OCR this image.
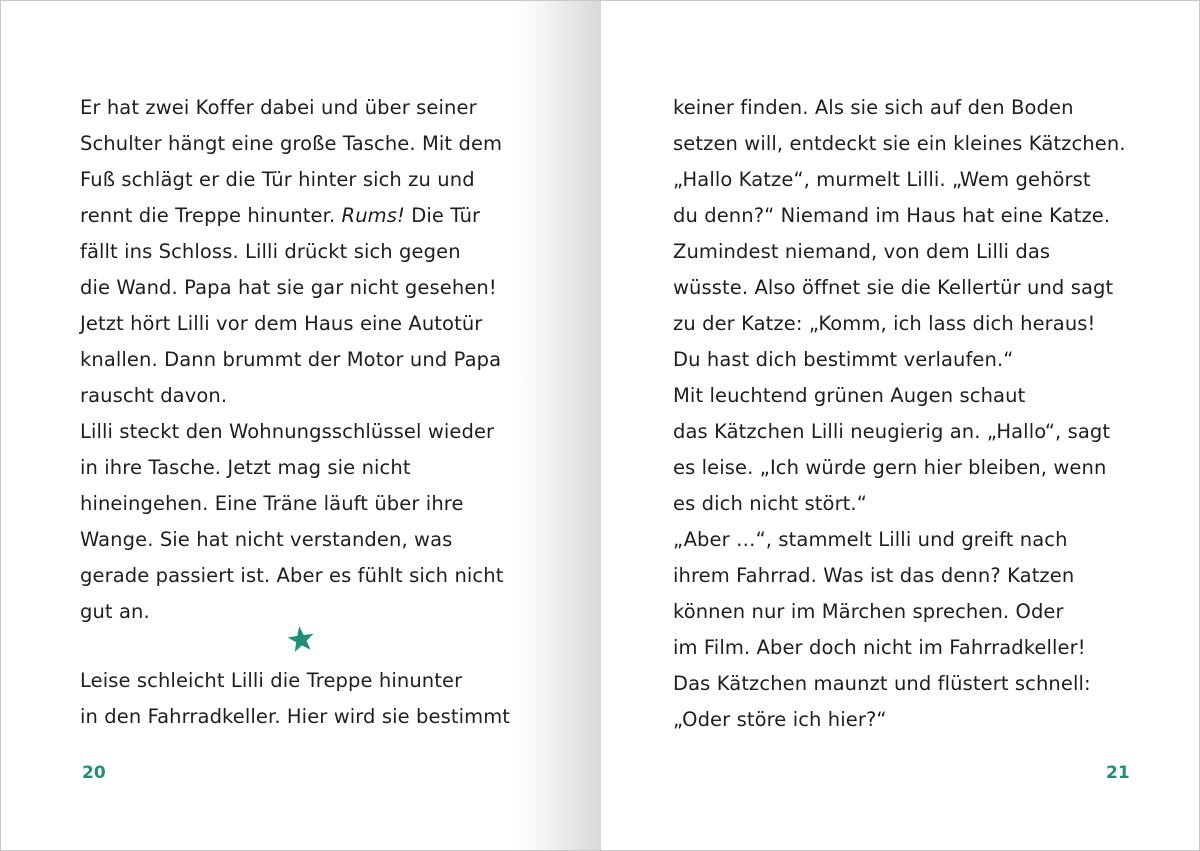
Er hat zwei Koffer dabei und über seiner
Schulter hängt eine große Tasche. Mit dem
Fuß schlägt er die Tür hinter sich zu und
rennt die Treppe hinunter. Rums! Die Tür
fällt ins Schloss. Lilli drückt sich gegen
die Wand. Papa hat sie gar nicht gesehen!
Jetzt hört Lilli vor dem Haus eine Autotür
knallen. Dann brummt der Motor und Papa
rauscht davon.
Lilli steckt den Wohnungsschlüssel wieder
in ihre Tasche. Jetzt mag sie nicht
hineingehen. Eine Träne läuft über ihre
Wange. Sie hat nicht verstanden, was
gerade passiert ist. Aber es fühlt sich nicht
gut an.
Leise schleicht Lilli die Treppe hinunter
in den Fahrradkeller. Hier wird sie bestimmt
20
keiner finden. Als sie sich auf den Boden
setzen will, entdeckt sie ein kleines Kätzchen.
„Hallo Katze“, murmelt Lilli. „Wem gehörst
du denn?“ Niemand im Haus hat eine Katze.
Zumindest niemand, von dem Lilli das
wüsste. Also öffnet sie die Kellertür und sagt
zu der Katze: „Komm, ich lass dich heraus!
Du hast dich bestimmt verlaufen.“
Mit leuchtend grünen Augen schaut
das Kätzchen Lilli neugierig an. „Hallo“, sagt
es leise. „Ich würde gern hier bleiben, wenn
es dich nicht stört.“
„Aber …“, stammelt Lilli und greift nach
ihrem Fahrrad. Was ist das denn? Katzen
können nur im Märchen sprechen. Oder
im Film. Aber doch nicht im Fahrradkeller!
Das Kätzchen maunzt und flüstert schnell:
„Oder störe ich hier?“
21
